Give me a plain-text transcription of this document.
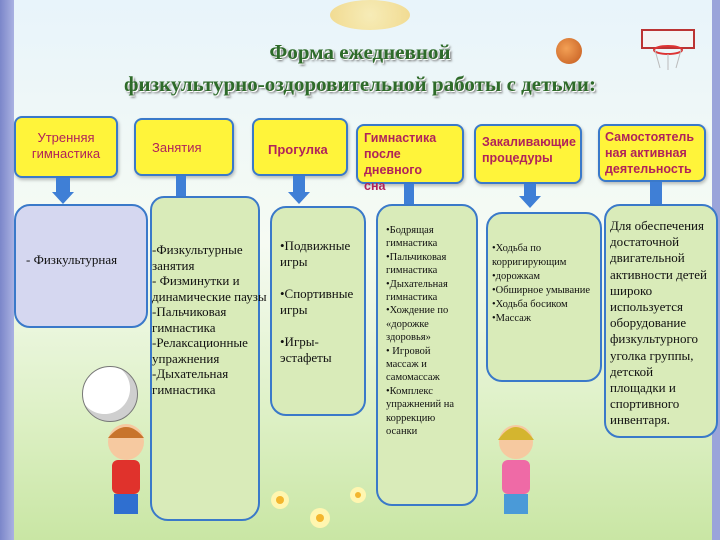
Форма ежедневной
физкультурно-оздоровительной работы с детьми:
Утренняя
гимнастика	Занятия	Прогулка
Гимнастика
после дневного
сна
Закаливающие
процедуры
Самостоятель
ная активная
деятельность

- Физкультурная

-Физкультурные

занятия

- Физминутки и

динамические паузы

-Пальчиковая

гимнастика

-Релаксационные

упражнения

-Дыхательная

гимнастика

•Подвижные

игры

•Спортивные

игры

•Игры-

эстафеты

•Бодрящая

гимнастика

•Пальчиковая

гимнастика

•Дыхательная

гимнастика

•Хождение по

«дорожке

здоровья»

• Игровой

массаж и

самомассаж

•Комплекс

упражнений на

коррекцию

осанки

•Ходьба по

корригирующим

•дорожкам

•Обширное умывание

•Ходьба босиком

•Массаж

Для обеспечения

достаточной

двигательной

активности детей

широко

используется

оборудование

физкультурного

уголка группы,

детской

площадки и

спортивного

инвентаря.
